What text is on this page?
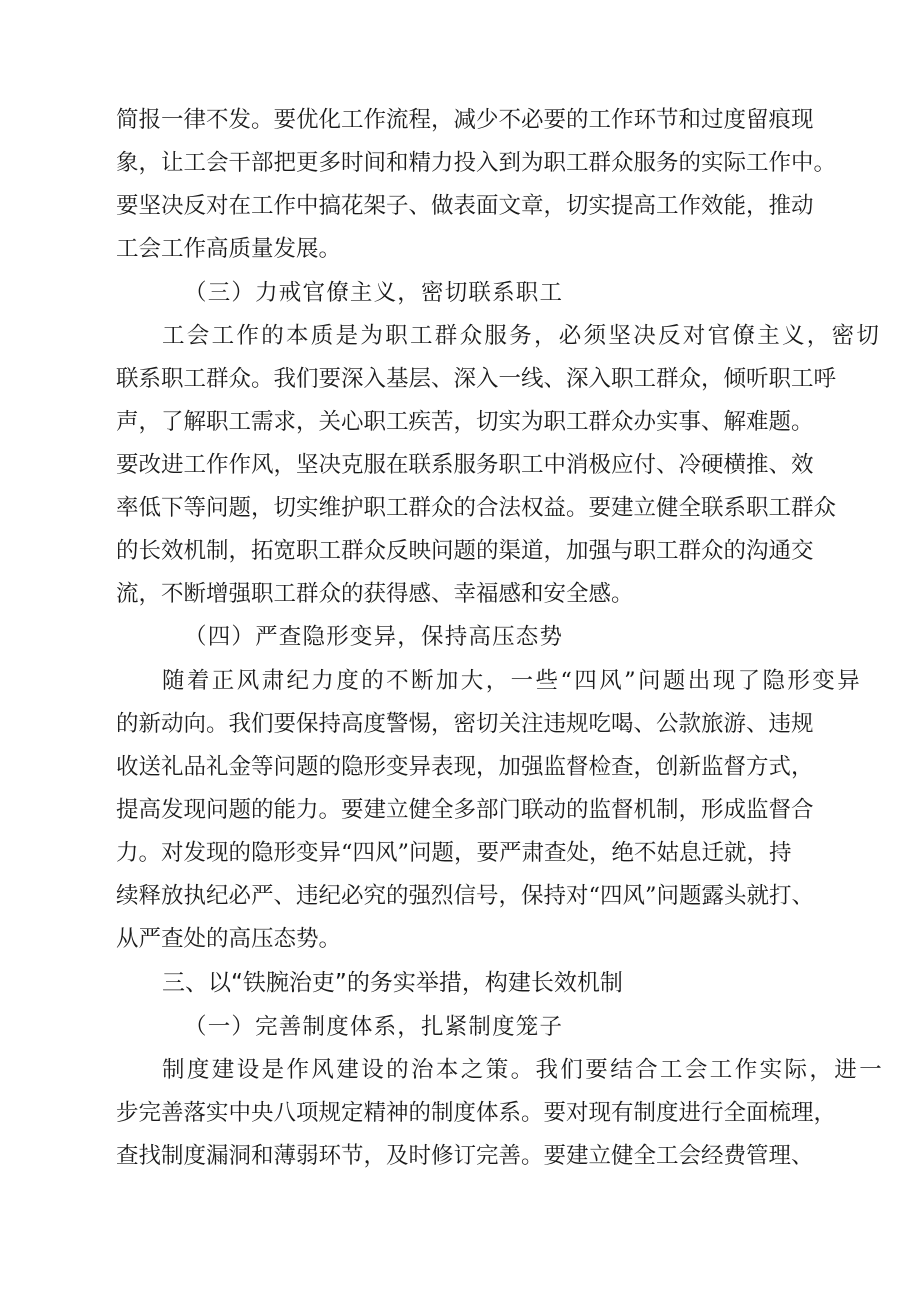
简报一律不发。要优化工作流程，减少不必要的工作环节和过度留痕现
象，让工会干部把更多时间和精力投入到为职工群众服务的实际工作中。
要坚决反对在工作中搞花架子、做表面文章，切实提高工作效能，推动
工会工作高质量发展。
（三）力戒官僚主义，密切联系职工
工会工作的本质是为职工群众服务，必须坚决反对官僚主义，密切
联系职工群众。我们要深入基层、深入一线、深入职工群众，倾听职工呼
声，了解职工需求，关心职工疾苦，切实为职工群众办实事、解难题。
要改进工作作风，坚决克服在联系服务职工中消极应付、冷硬横推、效
率低下等问题，切实维护职工群众的合法权益。要建立健全联系职工群众
的长效机制，拓宽职工群众反映问题的渠道，加强与职工群众的沟通交
流，不断增强职工群众的获得感、幸福感和安全感。
（四）严查隐形变异，保持高压态势
随着正风肃纪力度的不断加大，一些“四风”问题出现了隐形变异
的新动向。我们要保持高度警惕，密切关注违规吃喝、公款旅游、违规
收送礼品礼金等问题的隐形变异表现，加强监督检查，创新监督方式，
提高发现问题的能力。要建立健全多部门联动的监督机制，形成监督合
力。对发现的隐形变异“四风”问题，要严肃查处，绝不姑息迁就，持
续释放执纪必严、违纪必究的强烈信号，保持对“四风”问题露头就打、
从严查处的高压态势。
三、以“铁腕治吏”的务实举措，构建长效机制
（一）完善制度体系，扎紧制度笼子
制度建设是作风建设的治本之策。我们要结合工会工作实际，进一
步完善落实中央八项规定精神的制度体系。要对现有制度进行全面梳理，
查找制度漏洞和薄弱环节，及时修订完善。要建立健全工会经费管理、
